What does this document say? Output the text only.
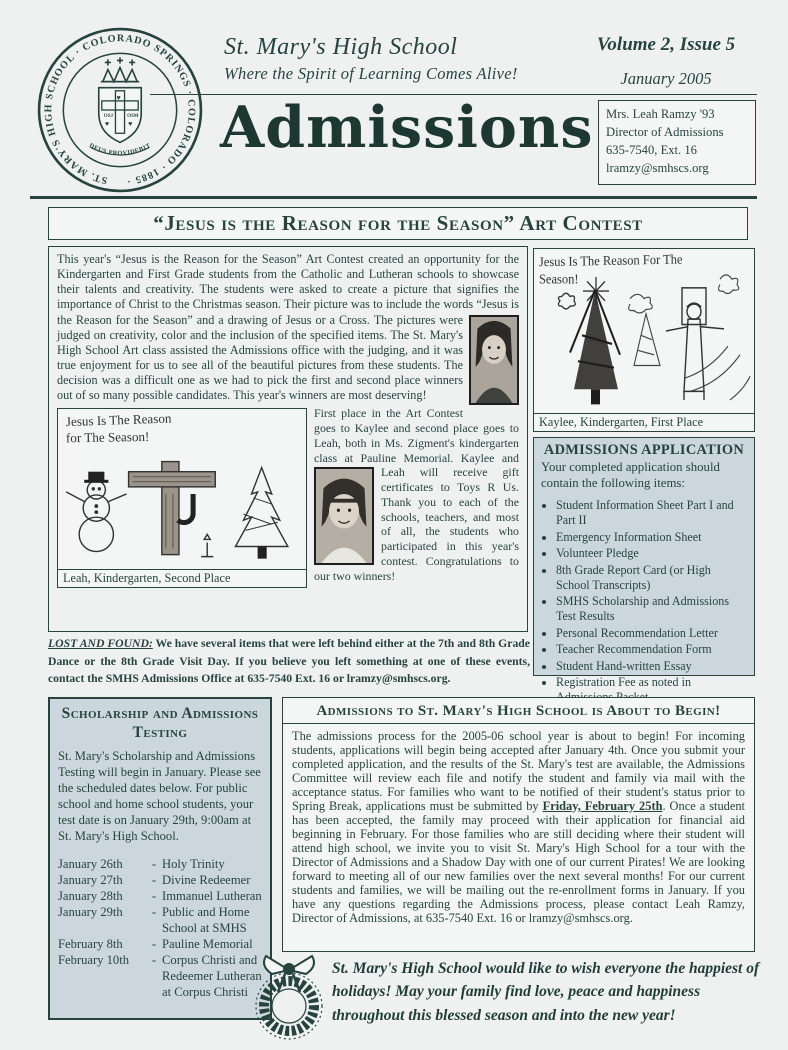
ST. MARY'S HIGH SCHOOL · COLORADO SPRINGS · COLORADO · 1885 ·
OSJ	OSM
♥	♥
♥
DEUS PROVIDEBIT
St. Mary's High School
Where the Spirit of Learning Comes Alive!
Volume 2, Issue 5
January 2005
Admissions Mrs. Leah Ramzy '93
Director of Admissions
635-7540, Ext. 16
lramzy@smhscs.org
“Jesus is the Reason for the Season” Art Contest
This year's “Jesus is the Reason for the Season” Art Contest created an opportunity for the Kindergarten and First Grade students from the Catholic and Lutheran schools to showcase their talents and creativity. The students were asked to create a picture that signifies the importance of Christ to the Christmas season. Their picture was to include the words “Jesus is the Reason for the Season” and a drawing of Jesus or a Cross. The pictures were judged on creativity, color and the inclusion of the specified items. The St. Mary's High School Art class assisted the Admissions office with the judging, and it was true enjoyment for us to see all of the beautiful pictures from these students. The decision was a difficult one as we had to pick the first and second place winners out of so many possible candidates. This year's winners are most deserving!
Jesus Is The Reason
for The Season!
Leah, Kindergarten, Second Place

First place in the Art Contest goes to Kaylee and second place goes to Leah, both in Ms. Zigment's kindergarten class at Pauline Memorial. Kaylee and
Leah will receive gift certificates to Toys R Us. Thank you to each of the schools, teachers, and most of all, the students who participated in this year's contest. Congratulations to our two winners!

Jesus Is The Reason For The
Season!
Kaylee, Kindergarten, First Place
ADMISSIONS APPLICATION
Your completed application should contain the following items:
• Student Information Sheet Part I and Part II
• Emergency Information Sheet
• Volunteer Pledge
• 8th Grade Report Card (or High School Transcripts)
• SMHS Scholarship and Admissions Test Results
• Personal Recommendation Letter
• Teacher Recommendation Form
• Student Hand-written Essay
• Registration Fee as noted in
LOST AND FOUND: We have several items that were left behind either at the 7th and 8th Grade Dance or the 8th Grade Visit Day. If you believe you left something at one of these events, contact the SMHS Admissions Office at 635-7540 Ext. 16 or lramzy@smhscs.org.
Scholarship and Admissions Testing
St. Mary's Scholarship and Admissions Testing will begin in January. Please see the scheduled dates below. For public school and home school students, your test date is on January 29th, 9:00am at St. Mary's High School.
January 26th	- Holy Trinity
January 27th	- Divine Redeemer
January 28th	- Immanuel Lutheran
January 29th	- Public and Home School at SMHS
February 8th	- Pauline Memorial
February 10th	- Corpus Christi and Redeemer Lutheran at Corpus Christi
Admissions to St. Mary's High School is About to Begin!
The admissions process for the 2005-06 school year is about to begin! For incoming students, applications will begin being accepted after January 4th. Once you submit your completed application, and the results of the St. Mary's test are available, the Admissions Committee will review each file and notify the student and family via mail with the acceptance status. For families who want to be notified of their student's status prior to Spring Break, applications must be submitted by Friday, February 25th. Once a student has been accepted, the family may proceed with their application for financial aid beginning in February. For those families who are still deciding where their student will attend high school, we invite you to visit St. Mary's High School for a tour with the Director of Admissions and a Shadow Day with one of our current Pirates! We are looking forward to meeting all of our new families over the next several months! For our current students and families, we will be mailing out the re-enrollment forms in January. If you have any questions regarding the Admissions process, please contact Leah Ramzy, Director of Admissions, at 635-7540 Ext. 16 or lramzy@smhscs.org.
St. Mary's High School would like to wish everyone the happiest of holidays! May your family find love, peace and happiness throughout this blessed season and into the new year!
